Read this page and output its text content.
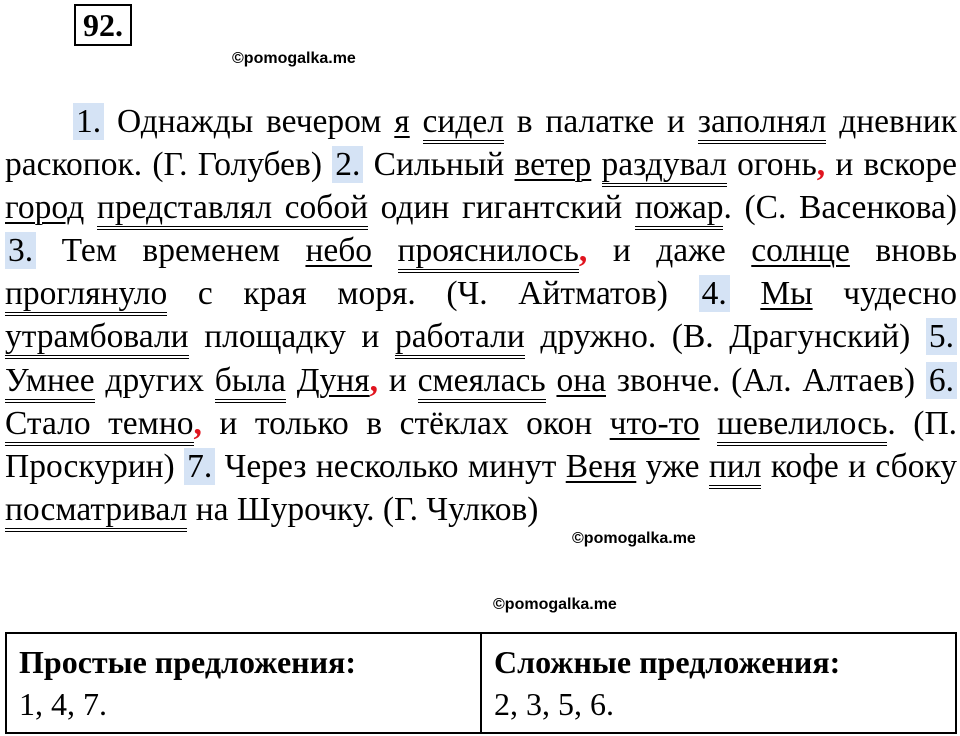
92.
©pomogalka.me
©pomogalka.me
©pomogalka.me

1. Однажды вечером я сидел в палатке и заполнял дневник раскопок. (Г. Голубев) 2. Сильный ветер раздувал огонь, и вскоре город представлял собой один гигантский пожар. (С. Васенкова) 3. Тем временем небо прояснилось, и даже солнце вновь проглянуло с края моря. (Ч. Айтматов) 4. Мы чудесно утрамбовали площадку и работали дружно. (В. Драгунский) 5. Умнее других была Дуня, и смеялась она звонче. (Ал. Алтаев) 6. Стало темно, и только в стёклах окон что-то шевелилось. (П. Проскурин) 7. Через несколько минут Веня уже пил кофе и сбоку посматривал на Шурочку. (Г. Чулков)

Простые предложения:
1, 4, 7.

Сложные предложения:
2, 3, 5, 6.
